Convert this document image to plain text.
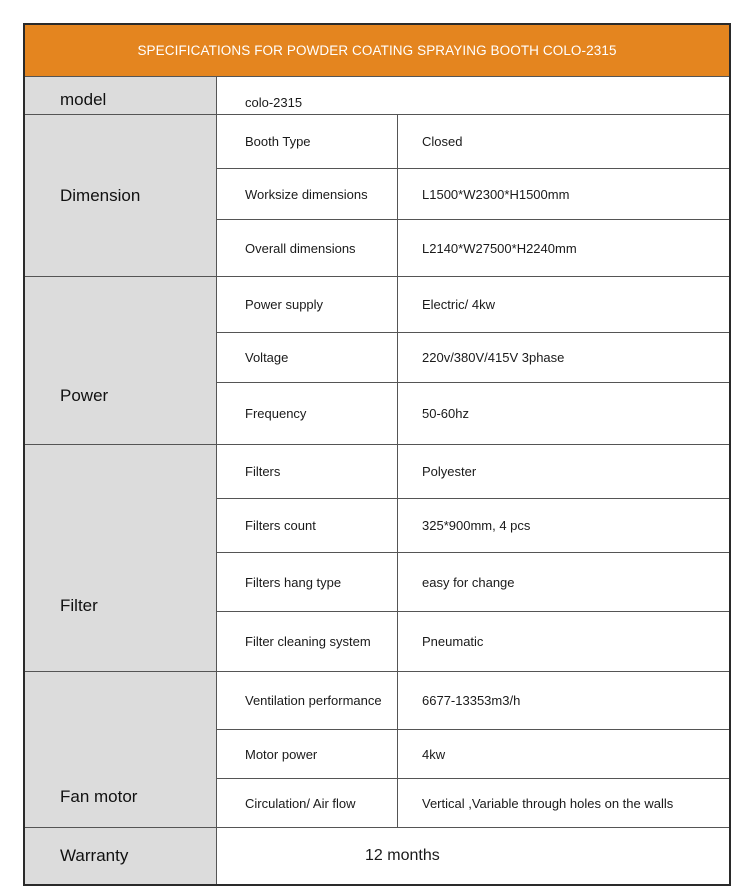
SPECIFICATIONS FOR POWDER COATING SPRAYING BOOTH COLO-2315
model	colo-2315
Dimension
Booth Type	Closed
Worksize dimensions	L1500*W2300*H1500mm
Overall dimensions	L2140*W27500*H2240mm
Power
Power supply	Electric/ 4kw
Voltage	220v/380V/415V 3phase
Frequency	50-60hz
Filter
Filters	Polyester
Filters count	325*900mm, 4 pcs
Filters hang type	easy for change
Filter cleaning system	Pneumatic
Fan motor
Ventilation performance	6677-13353m3/h
Motor power	4kw
Circulation/ Air flow	Vertical ,Variable through holes on the walls
Warranty	12 months
